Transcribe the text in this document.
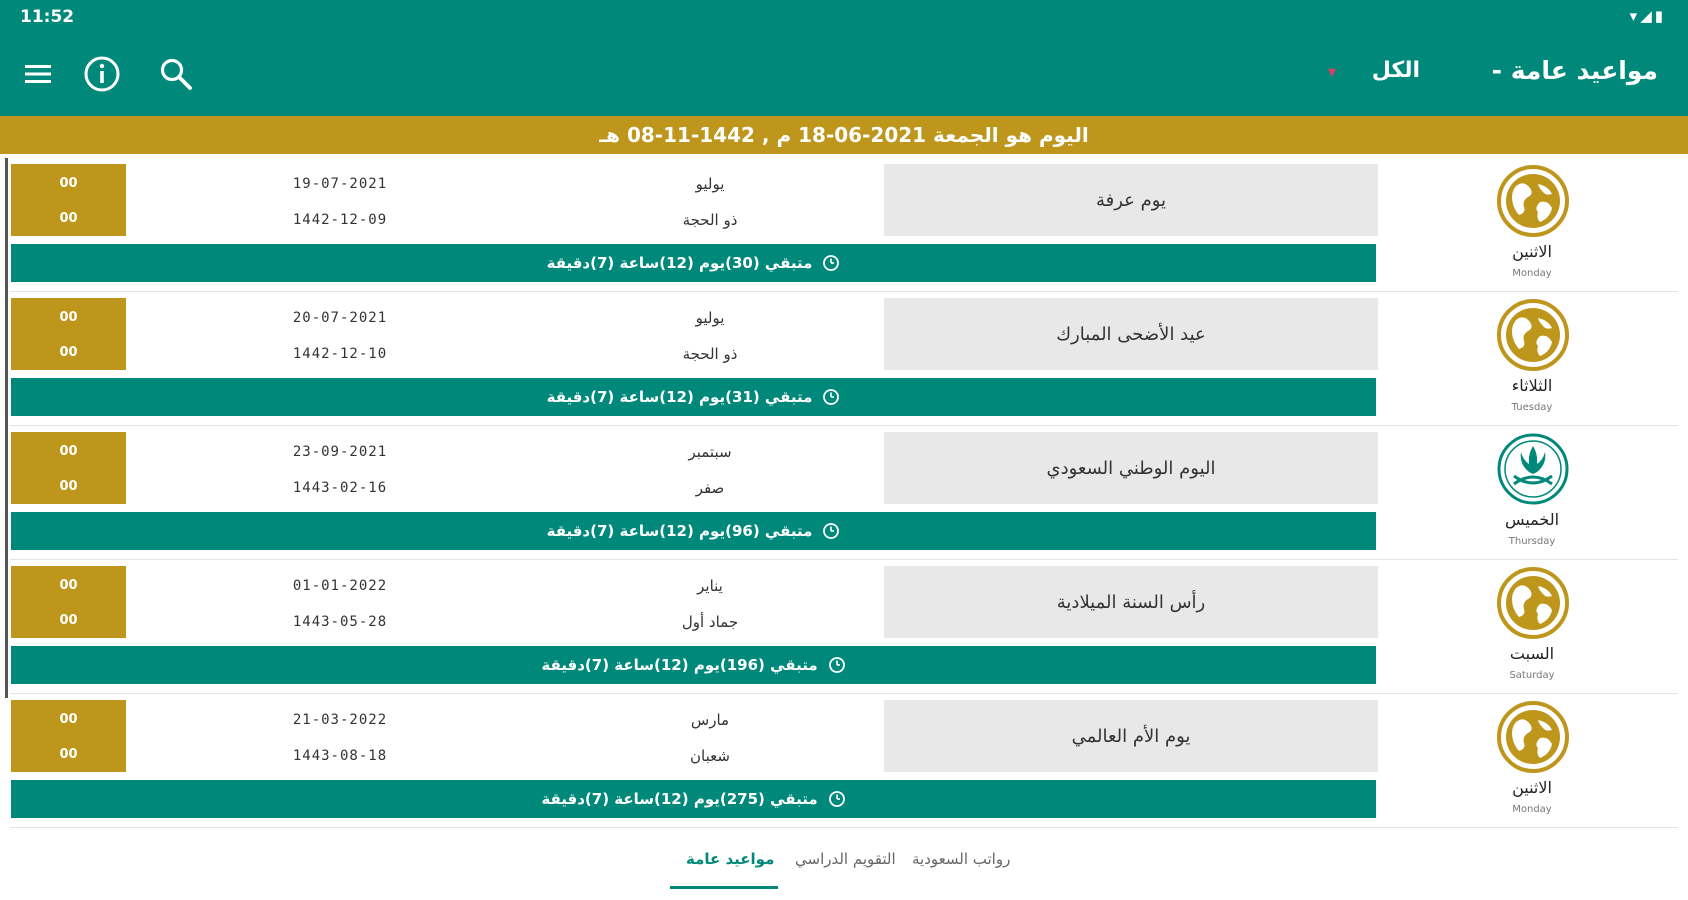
11:52	▾◢▮
▾ الكل	مواعيد عامة -
اليوم هو الجمعة 2021-06-18 م , 1442-11-08 هـ
00
00
19-07-2021
1442-12-09
يوليو
ذو الحجة
يوم عرفة
متبقي (30)يوم (12)ساعة (7)دقيقة
الاثنين
Monday
00
00
20-07-2021
1442-12-10
يوليو
ذو الحجة
عيد الأضحى المبارك
متبقي (31)يوم (12)ساعة (7)دقيقة
الثلاثاء
Tuesday
00
00
23-09-2021
1443-02-16
سبتمبر
صفر
اليوم الوطني السعودي
متبقي (96)يوم (12)ساعة (7)دقيقة
الخميس
Thursday
00
00
01-01-2022
1443-05-28
يناير
جماد أول
رأس السنة الميلادية
متبقي (196)يوم (12)ساعة (7)دقيقة
السبت
Saturday
00
00
21-03-2022
1443-08-18
مارس
شعبان
يوم الأم العالمي
متبقي (275)يوم (12)ساعة (7)دقيقة
الاثنين
Monday
رواتب السعودية
التقويم الدراسي
مواعيد عامة
